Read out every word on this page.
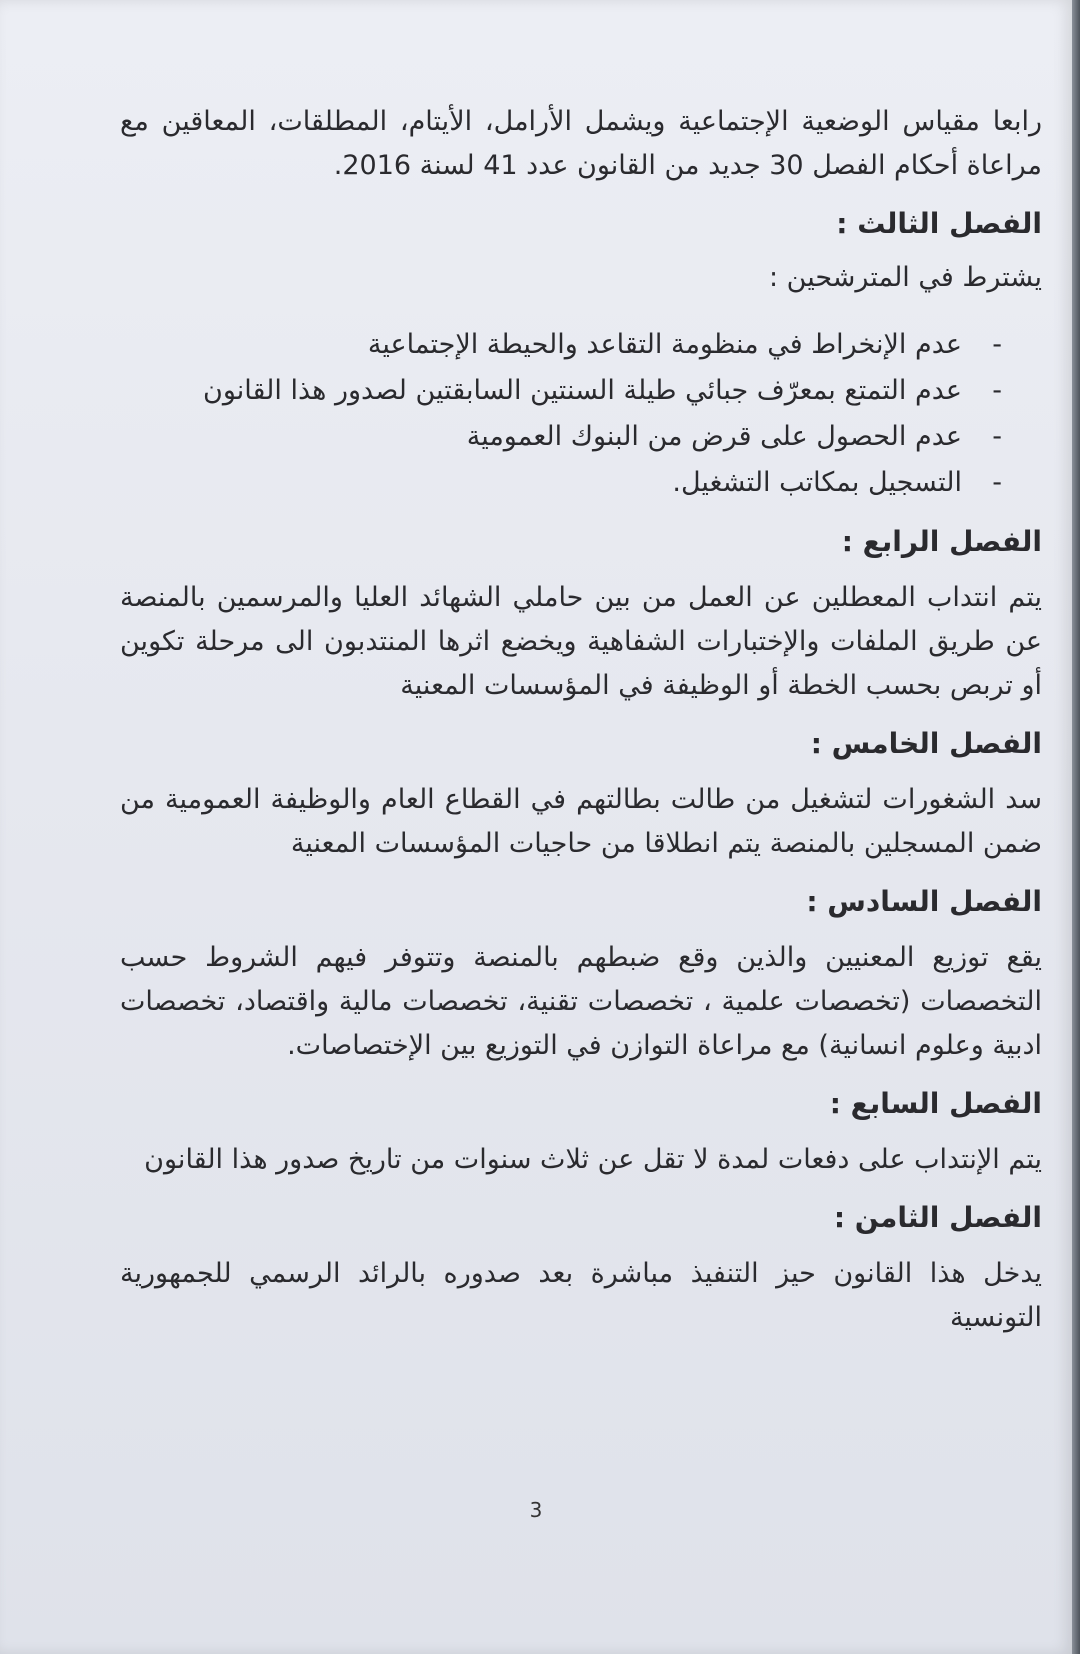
رابعا مقياس الوضعية الإجتماعية ويشمل الأرامل، الأيتام، المطلقات، المعاقين مع مراعاة أحكام الفصل 30 جديد من القانون عدد 41 لسنة 2016.

الفصل الثالث :
يشترط في المترشحين :
-
عدم الإنخراط في منظومة التقاعد والحيطة الإجتماعية
-
عدم التمتع بمعرّف جبائي طيلة السنتين السابقتين لصدور هذا القانون
-
عدم الحصول على قرض من البنوك العمومية
-
التسجيل بمكاتب التشغيل.
الفصل الرابع :

يتم انتداب المعطلين عن العمل من بين حاملي الشهائد العليا والمرسمين بالمنصة عن طريق الملفات والإختبارات الشفاهية ويخضع اثرها المنتدبون الى مرحلة تكوين أو تربص بحسب الخطة أو الوظيفة في المؤسسات المعنية

الفصل الخامس :

سد الشغورات لتشغيل من طالت بطالتهم في القطاع العام والوظيفة العمومية من ضمن المسجلين بالمنصة يتم انطلاقا من حاجيات المؤسسات المعنية

الفصل السادس :

يقع توزيع المعنيين والذين وقع ضبطهم بالمنصة وتتوفر فيهم الشروط حسب التخصصات (تخصصات علمية ، تخصصات تقنية، تخصصات مالية واقتصاد، تخصصات ادبية وعلوم انسانية) مع مراعاة التوازن في التوزيع بين الإختصاصات.

الفصل السابع :

يتم الإنتداب على دفعات لمدة لا تقل عن ثلاث سنوات من تاريخ صدور هذا القانون

الفصل الثامن :

يدخل هذا القانون حيز التنفيذ مباشرة بعد صدوره بالرائد الرسمي للجمهورية التونسية

3
